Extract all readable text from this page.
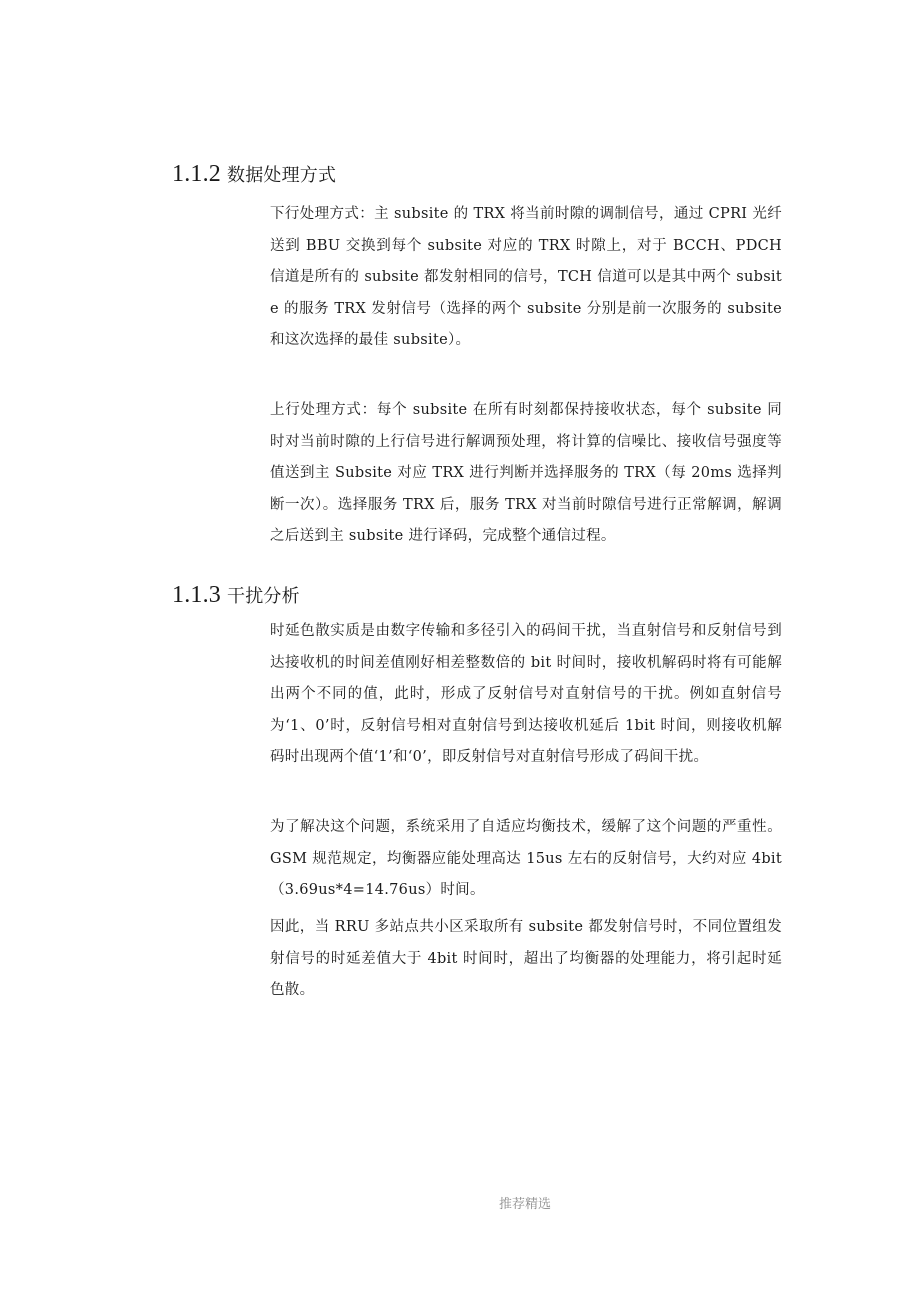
1.1.2 数据处理方式

下行处理方式：主 subsite 的 TRX 将当前时隙的调制信号，通过 CPRI 光纤送到 BBU 交换到每个 subsite 对应的 TRX 时隙上，对于 BCCH、PDCH 信道是所有的 subsite 都发射相同的信号，TCH 信道可以是其中两个 subsite 的服务 TRX 发射信号（选择的两个 subsite 分别是前一次服务的 subsite 和这次选择的最佳 subsite）。

上行处理方式：每个 subsite 在所有时刻都保持接收状态，每个 subsite 同时对当前时隙的上行信号进行解调预处理，将计算的信噪比、接收信号强度等值送到主 Subsite 对应 TRX 进行判断并选择服务的 TRX（每 20ms 选择判断一次）。选择服务 TRX 后，服务 TRX 对当前时隙信号进行正常解调，解调之后送到主 subsite 进行译码，完成整个通信过程。

1.1.3 干扰分析

时延色散实质是由数字传输和多径引入的码间干扰，当直射信号和反射信号到达接收机的时间差值刚好相差整数倍的 bit 时间时，接收机解码时将有可能解出两个不同的值，此时，形成了反射信号对直射信号的干扰。例如直射信号为‘1、0’时，反射信号相对直射信号到达接收机延后 1bit 时间，则接收机解码时出现两个值‘1’和‘0’，即反射信号对直射信号形成了码间干扰。

为了解决这个问题，系统采用了自适应均衡技术，缓解了这个问题的严重性。GSM 规范规定，均衡器应能处理高达 15us 左右的反射信号，大约对应 4bit（3.69us*4=14.76us）时间。

因此，当 RRU 多站点共小区采取所有 subsite 都发射信号时，不同位置组发射信号的时延差值大于 4bit 时间时，超出了均衡器的处理能力，将引起时延色散。

推荐精选
